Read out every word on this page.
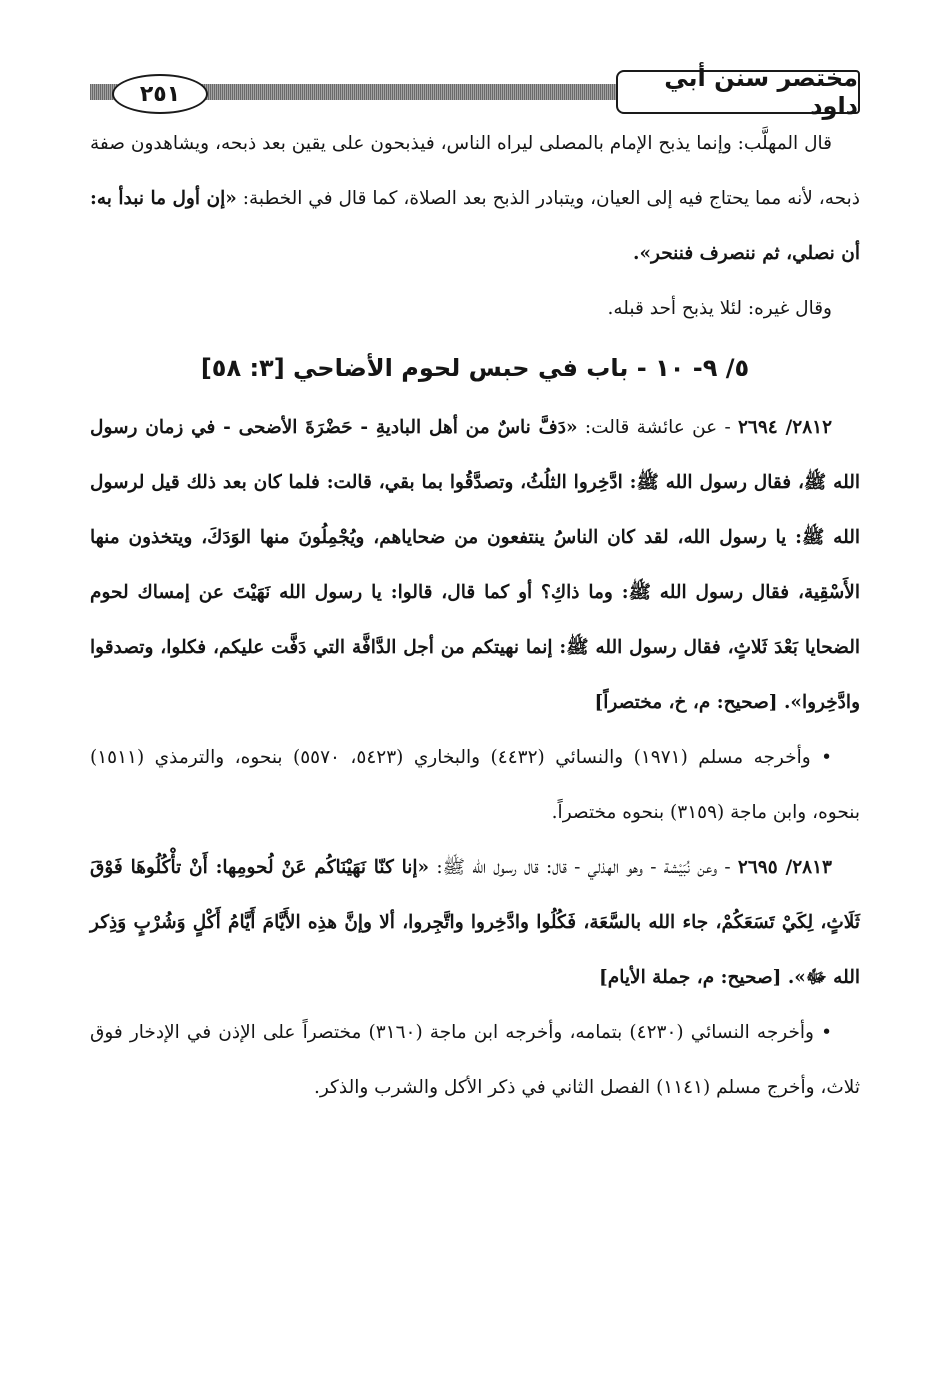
٢٥١
مختصر سنن أبي داود

قال المهلَّب: وإنما يذبح الإمام بالمصلى ليراه الناس، فيذبحون على يقين بعد ذبحه، ويشاهدون صفة ذبحه، لأنه مما يحتاج فيه إلى العيان، ويتبادر الذبح بعد الصلاة، كما قال في الخطبة: «إن أول ما نبدأ به: أن نصلي، ثم ننصرف فننحر».

وقال غيره: لئلا يذبح أحد قبله.

٥/ ٩- ١٠ - باب في حبس لحوم الأضاحي [٣: ٥٨]

٢٨١٢/ ٢٦٩٤ - عن عائشة قالت: «دَفَّ ناسٌ من أهل الباديةِ - حَضْرَةَ الأضحى - في زمان رسول الله ﷺ، فقال رسول الله ﷺ: ادَّخِروا الثلُثُ، وتصدَّقُوا بما بقي، قالت: فلما كان بعد ذلك قيل لرسول الله ﷺ: يا رسول الله، لقد كان الناسُ ينتفعون من ضحاياهم، ويُجْمِلُونَ منها الوَدَكَ، ويتخذون منها الأَسْقِية، فقال رسول الله ﷺ: وما ذاكِ؟ أو كما قال، قالوا: يا رسول الله نَهَيْتَ عن إمساك لحوم الضحايا بَعْدَ ثَلاثٍ، فقال رسول الله ﷺ: إنما نهيتكم من أجل الدَّافَّة التي دَفَّت عليكم، فكلوا، وتصدقوا وادَّخِروا». [صحيح: م، خ، مختصراً]

• وأخرجه مسلم (١٩٧١) والنسائي (٤٤٣٢) والبخاري (٥٤٢٣، ٥٥٧٠) بنحوه، والترمذي (١٥١١) بنحوه، وابن ماجة (٣١٥٩) بنحوه مختصراً.

٢٨١٣/ ٢٦٩٥ - وعن نُبَيْشة - وهو الهذلي - قال: قال رسول الله ﷺ: «إنا كنّا نَهَيْنَاكُم عَنْ لُحومِها: أَنْ تأْكُلُوهَا فَوْقَ ثَلَاثٍ، لِكَيْ تَسَعَكُمْ، جاء الله بالسَّعَة، فَكُلُوا وادَّخِروا واتَّجِروا، ألا وإنَّ هذِه الأَيَّامَ أَيَّامُ أَكْلٍ وَشُرْبٍ وَذِكر الله ﷻ». [صحيح: م، جملة الأيام]

• وأخرجه النسائي (٤٢٣٠) بتمامه، وأخرجه ابن ماجة (٣١٦٠) مختصراً على الإذن في الإدخار فوق ثلاث، وأخرج مسلم (١١٤١) الفصل الثاني في ذكر الأكل والشرب والذكر.
